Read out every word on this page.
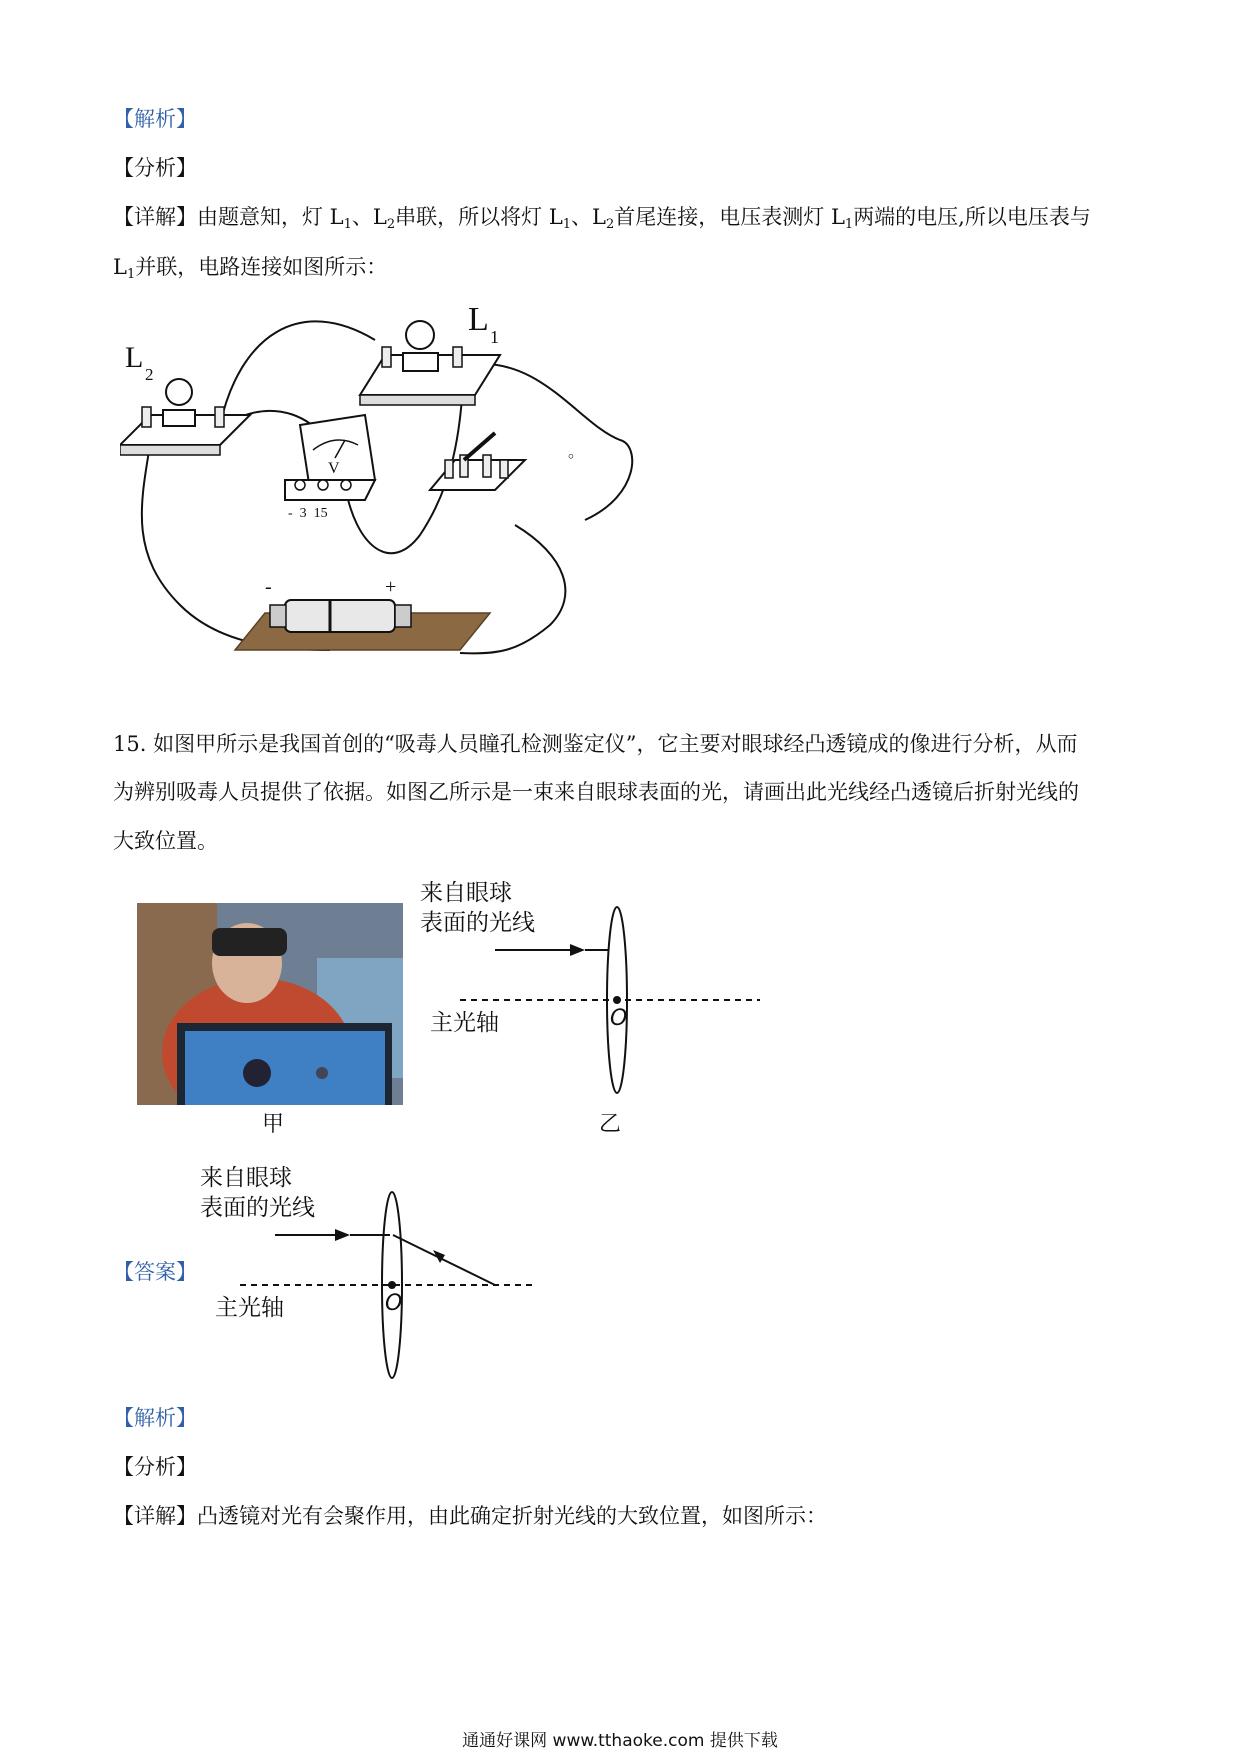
【解析】
【分析】
【详解】由题意知，灯 $L_1$、$L_2$串联，所以将灯 $L_1$、$L_2$首尾连接，电压表测灯 $L_1$两端的电压,所以电压表与
$L_1$并联，电路连接如图所示：
L 1
L
2
V
-  3  15
。
-	+
15. 如图甲所示是我国首创的“吸毒人员瞳孔检测鉴定仪”，它主要对眼球经凸透镜成的像进行分析，从而
为辨别吸毒人员提供了依据。如图乙所示是一束来自眼球表面的光，请画出此光线经凸透镜后折射光线的
大致位置。
甲
来自眼球
表面的光线
O
主光轴
乙
【答案】
来自眼球
表面的光线
O
主光轴
【解析】
【分析】
【详解】凸透镜对光有会聚作用，由此确定折射光线的大致位置，如图所示：
通通好课网 www.tthaoke.com 提供下载
